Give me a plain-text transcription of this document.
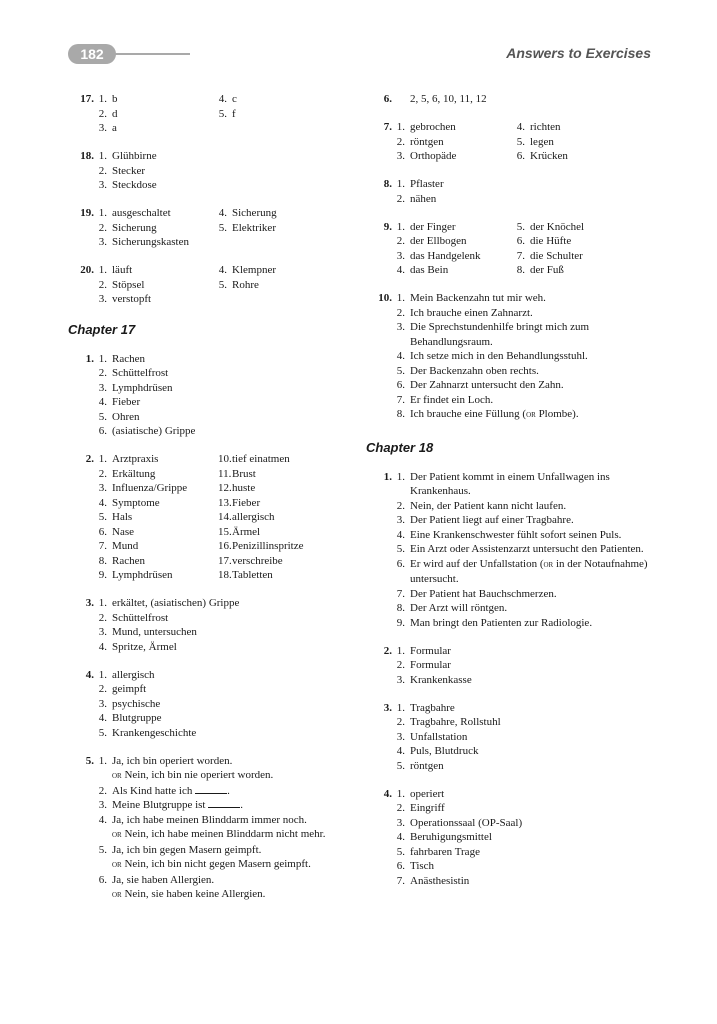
182	Answers to Exercises
17. 1. b
2. d
3. a
4. c
5. f
18. 1. Glühbirne
2. Stecker
3. Steckdose
19. 1. ausgeschaltet
2. Sicherung
3. Sicherungskasten
4. Sicherung
5. Elektriker
20. 1. läuft
2. Stöpsel
3. verstopft
4. Klempner
5. Rohre
Chapter 17
1. 1. Rachen
2. Schüttelfrost
3. Lymphdrüsen
4. Fieber
5. Ohren
6. (asiatische) Grippe
2. 1. Arztpraxis
2. Erkältung
3. Influenza/Grippe
4. Symptome
5. Hals
6. Nase
7. Mund
8. Rachen
9. Lymphdrüsen
10. tief einatmen
11. Brust
12. huste
13. Fieber
14. allergisch
15. Ärmel
16. Penizillinspritze
17. verschreibe
18. Tabletten
3. 1. erkältet, (asiatischen) Grippe
2. Schüttelfrost
3. Mund, untersuchen
4. Spritze, Ärmel
4. 1. allergisch
2. geimpft
3. psychische
4. Blutgruppe
5. Krankengeschichte
5. 1. Ja, ich bin operiert worden.
or Nein, ich bin nie operiert worden.
2. Als Kind hatte ich	.
3. Meine Blutgruppe ist	.
4. Ja, ich habe meinen Blinddarm immer noch.
or Nein, ich habe meinen Blinddarm nicht mehr.
5. Ja, ich bin gegen Masern geimpft.
or Nein, ich bin nicht gegen Masern geimpft.
6. Ja, sie haben Allergien.
or Nein, sie haben keine Allergien.
6.	2, 5, 6, 10, 11, 12
7. 1. gebrochen
2. röntgen
3. Orthopäde
4. richten
5. legen
6. Krücken
8. 1. Pflaster
2. nähen
9. 1. der Finger
2. der Ellbogen
3. das Handgelenk
4. das Bein
5. der Knöchel
6. die Hüfte
7. die Schulter
8. der Fuß
10. 1. Mein Backenzahn tut mir weh.
2. Ich brauche einen Zahnarzt.
3. Die Sprechstundenhilfe bringt mich zum Behandlungsraum.
4. Ich setze mich in den Behandlungsstuhl.
5. Der Backenzahn oben rechts.
6. Der Zahnarzt untersucht den Zahn.
7. Er findet ein Loch.
8. Ich brauche eine Füllung (or Plombe).
Chapter 18
1. 1. Der Patient kommt in einem Unfallwagen ins Krankenhaus.
2. Nein, der Patient kann nicht laufen.
3. Der Patient liegt auf einer Tragbahre.
4. Eine Krankenschwester fühlt sofort seinen Puls.
5. Ein Arzt oder Assistenzarzt untersucht den Patienten.
6. Er wird auf der Unfallstation (or in der Notaufnahme) untersucht.
7. Der Patient hat Bauchschmerzen.
8. Der Arzt will röntgen.
9. Man bringt den Patienten zur Radiologie.
2. 1. Formular
2. Formular
3. Krankenkasse
3. 1. Tragbahre
2. Tragbahre, Rollstuhl
3. Unfallstation
4. Puls, Blutdruck
5. röntgen
4. 1. operiert
2. Eingriff
3. Operationssaal (OP-Saal)
4. Beruhigungsmittel
5. fahrbaren Trage
6. Tisch
7. Anästhesistin
